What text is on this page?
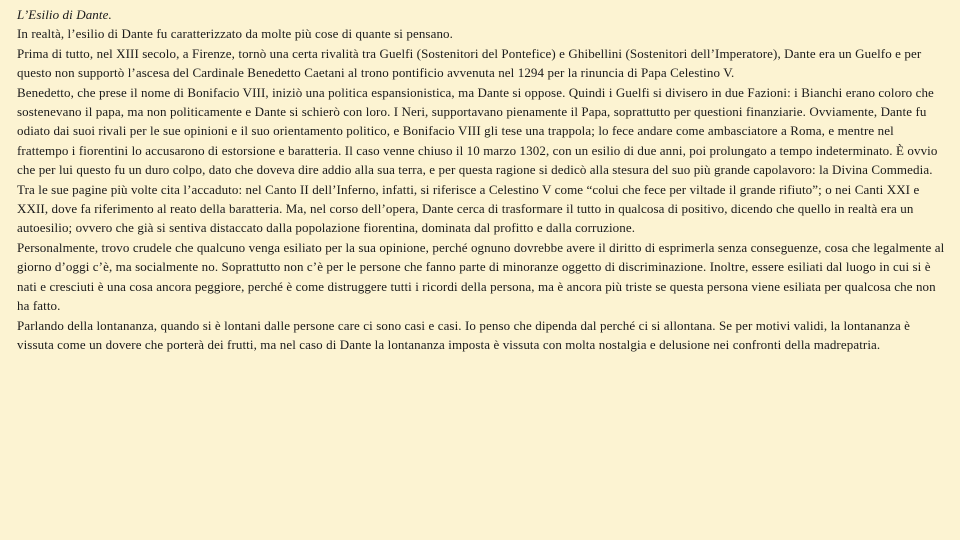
L’Esilio di Dante.

In realtà, l’esilio di Dante fu caratterizzato da molte più cose di quante si pensano.

Prima di tutto, nel XIII secolo, a Firenze, tornò una certa rivalità tra Guelfi (Sostenitori del Pontefice) e Ghibellini (Sostenitori dell’Imperatore), Dante era un Guelfo e per questo non supportò l’ascesa del Cardinale Benedetto Caetani al trono pontificio avvenuta nel 1294 per la rinuncia di Papa Celestino V.

Benedetto, che prese il nome di Bonifacio VIII, iniziò una politica espansionistica, ma Dante si oppose. Quindi i Guelfi si divisero in due Fazioni: i Bianchi erano coloro che sostenevano il papa, ma non politicamente e Dante si schierò con loro. I Neri, supportavano pienamente il Papa, soprattutto per questioni finanziarie. Ovviamente, Dante fu odiato dai suoi rivali per le sue opinioni e il suo orientamento politico, e Bonifacio VIII gli tese una trappola; lo fece andare come ambasciatore a Roma, e mentre nel frattempo i fiorentini lo accusarono di estorsione e baratteria. Il caso venne chiuso il 10 marzo 1302, con un esilio di due anni, poi prolungato a tempo indeterminato. È ovvio che per lui questo fu un duro colpo, dato che doveva dire addio alla sua terra, e per questa ragione si dedicò alla stesura del suo più grande capolavoro: la Divina Commedia. Tra le sue pagine più volte cita l’accaduto: nel Canto II dell’Inferno, infatti, si riferisce a Celestino V come “colui che fece per viltade il grande rifiuto”; o nei Canti XXI e XXII, dove fa riferimento al reato della baratteria. Ma, nel corso dell’opera, Dante cerca di trasformare il tutto in qualcosa di positivo, dicendo che quello in realtà era un autoesilio; ovvero che già si sentiva distaccato dalla popolazione fiorentina, dominata dal profitto e dalla corruzione.

Personalmente, trovo crudele che qualcuno venga esiliato per la sua opinione, perché ognuno dovrebbe avere il diritto di esprimerla senza conseguenze, cosa che legalmente al giorno d’oggi c’è, ma socialmente no. Soprattutto non c’è per le persone che fanno parte di minoranze oggetto di discriminazione. Inoltre, essere esiliati dal luogo in cui si è nati e cresciuti è una cosa ancora peggiore, perché è come distruggere tutti i ricordi della persona, ma è ancora più triste se questa persona viene esiliata per qualcosa che non ha fatto.

Parlando della lontananza, quando si è lontani dalle persone care ci sono casi e casi. Io penso che dipenda dal perché ci si allontana. Se per motivi validi, la lontananza è vissuta come un dovere che porterà dei frutti, ma nel caso di Dante la lontananza imposta è vissuta con molta nostalgia e delusione nei confronti della madrepatria.
